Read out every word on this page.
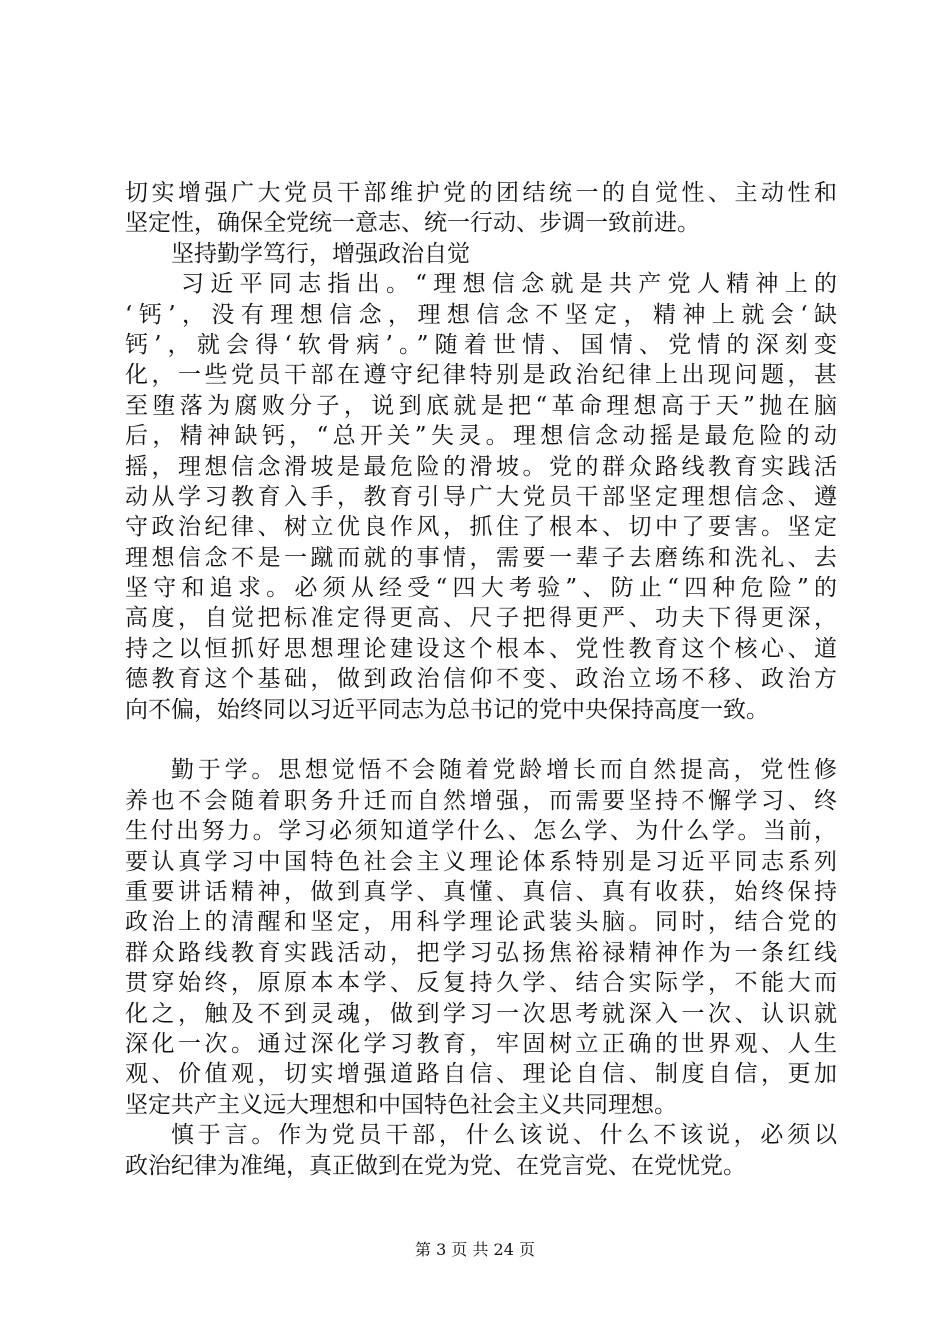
切实增强广大党员干部维护党的团结统一的自觉性、主动性和
坚定性，确保全党统一意志、统一行动、步调一致前进。
坚持勤学笃行，增强政治自觉
习近平同志指出。“理想信念就是共产党人精神上的
‘钙’，没有理想信念，理想信念不坚定，精神上就会‘缺
钙’，就会得‘软骨病’。”随着世情、国情、党情的深刻变
化，一些党员干部在遵守纪律特别是政治纪律上出现问题，甚
至堕落为腐败分子，说到底就是把“革命理想高于天”抛在脑
后，精神缺钙，“总开关”失灵。理想信念动摇是最危险的动
摇，理想信念滑坡是最危险的滑坡。党的群众路线教育实践活
动从学习教育入手，教育引导广大党员干部坚定理想信念、遵
守政治纪律、树立优良作风，抓住了根本、切中了要害。坚定
理想信念不是一蹴而就的事情，需要一辈子去磨练和洗礼、去
坚守和追求。必须从经受“四大考验”、防止“四种危险”的
高度，自觉把标准定得更高、尺子把得更严、功夫下得更深，
持之以恒抓好思想理论建设这个根本、党性教育这个核心、道
德教育这个基础，做到政治信仰不变、政治立场不移、政治方
向不偏，始终同以习近平同志为总书记的党中央保持高度一致。
勤于学。思想觉悟不会随着党龄增长而自然提高，党性修
养也不会随着职务升迁而自然增强，而需要坚持不懈学习、终
生付出努力。学习必须知道学什么、怎么学、为什么学。当前，
要认真学习中国特色社会主义理论体系特别是习近平同志系列
重要讲话精神，做到真学、真懂、真信、真有收获，始终保持
政治上的清醒和坚定，用科学理论武装头脑。同时，结合党的
群众路线教育实践活动，把学习弘扬焦裕禄精神作为一条红线
贯穿始终，原原本本学、反复持久学、结合实际学，不能大而
化之，触及不到灵魂，做到学习一次思考就深入一次、认识就
深化一次。通过深化学习教育，牢固树立正确的世界观、人生
观、价值观，切实增强道路自信、理论自信、制度自信，更加
坚定共产主义远大理想和中国特色社会主义共同理想。
慎于言。作为党员干部，什么该说、什么不该说，必须以
政治纪律为准绳，真正做到在党为党、在党言党、在党忧党。
第 3 页 共 24 页
